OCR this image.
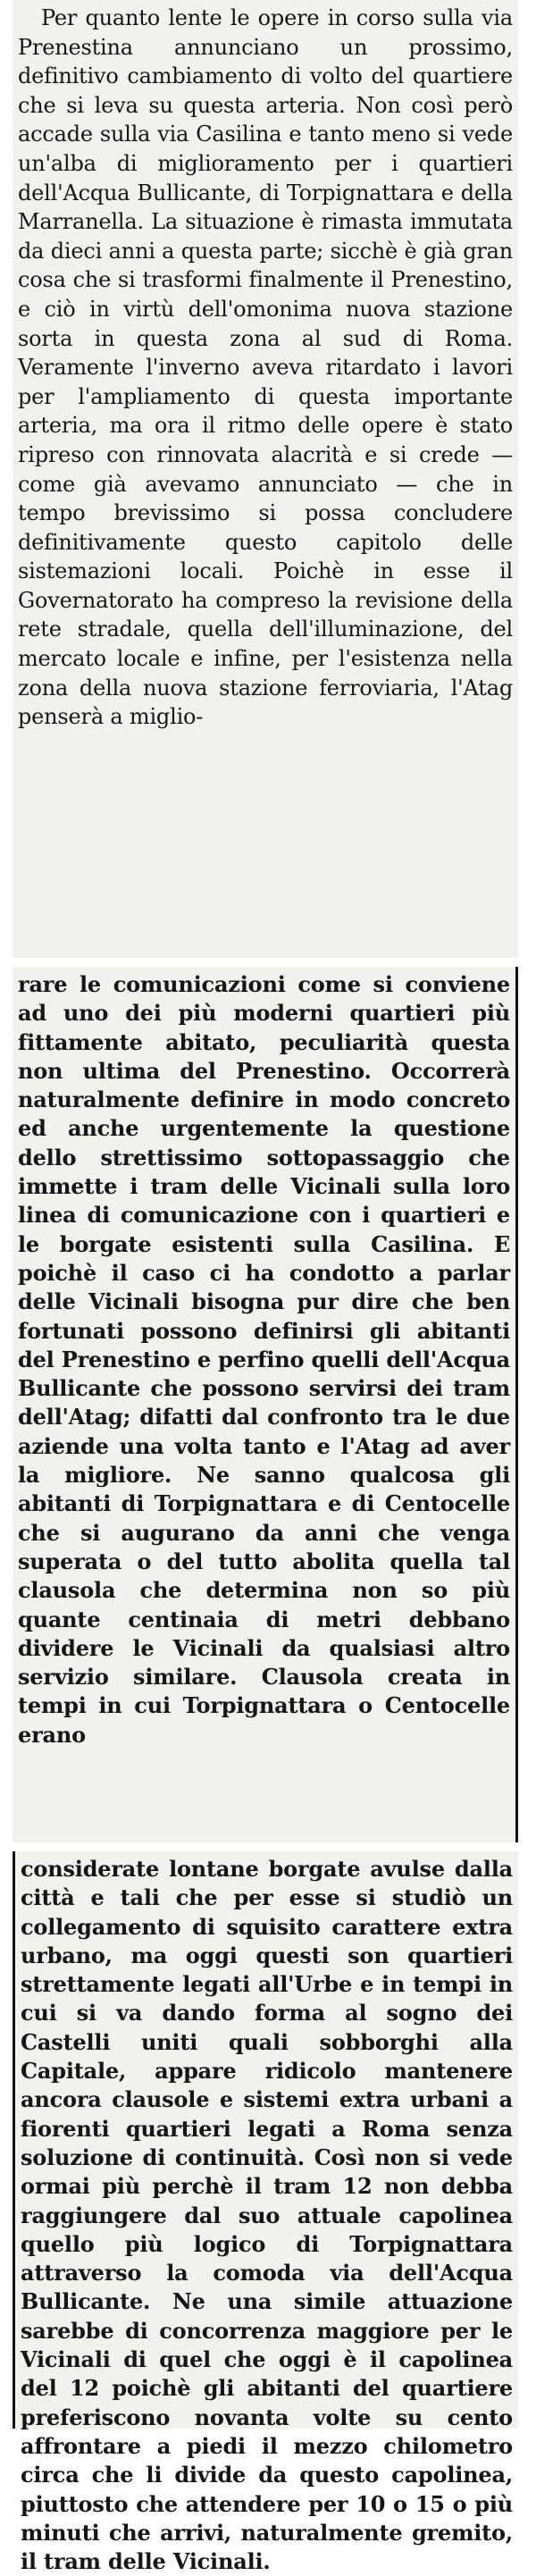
Per quanto lente le opere in corso sulla via Prenestina annunciano un prossimo, definitivo cambiamento di volto del quartiere che si leva su questa arteria. Non così però accade sulla via Casilina e tanto meno si vede un'alba di miglioramento per i quartieri dell'Acqua Bullicante, di Torpignattara e della Marranella. La situazione è rimasta immutata da dieci anni a questa parte; sicchè è già gran cosa che si trasformi finalmente il Prenestino, e ciò in virtù dell'omonima nuova stazione sorta in questa zona al sud di Roma. Veramente l'inverno aveva ritardato i lavori per l'ampliamento di questa importante arteria, ma ora il ritmo delle opere è stato ripreso con rinnovata alacrità e si crede — come già avevamo annunciato — che in tempo brevissimo si possa concludere definitivamente questo capitolo delle sistemazioni locali. Poichè in esse il Governatorato ha compreso la revisione della rete stradale, quella dell'illuminazione, del mercato locale e infine, per l'esistenza nella zona della nuova stazione ferroviaria, l'Atag penserà a miglio-

rare le comunicazioni come si conviene ad uno dei più moderni quartieri più fittamente abitato, peculiarità questa non ultima del Prenestino. Occorrerà naturalmente definire in modo concreto ed anche urgentemente la questione dello strettissimo sottopassaggio che immette i tram delle Vicinali sulla loro linea di comunicazione con i quartieri e le borgate esistenti sulla Casilina. E poichè il caso ci ha condotto a parlar delle Vicinali bisogna pur dire che ben fortunati possono definirsi gli abitanti del Prenestino e perfino quelli dell'Acqua Bullicante che possono servirsi dei tram dell'Atag; difatti dal confronto tra le due aziende una volta tanto e l'Atag ad aver la migliore. Ne sanno qualcosa gli abitanti di Torpignattara e di Centocelle che si augurano da anni che venga superata o del tutto abolita quella tal clausola che determina non so più quante centinaia di metri debbano dividere le Vicinali da qualsiasi altro servizio similare. Clausola creata in tempi in cui Torpignattara o Centocelle erano

considerate lontane borgate avulse dalla città e tali che per esse si studiò un collegamento di squisito carattere extra urbano, ma oggi questi son quartieri strettamente legati all'Urbe e in tempi in cui si va dando forma al sogno dei Castelli uniti quali sobborghi alla Capitale, appare ridicolo mantenere ancora clausole e sistemi extra urbani a fiorenti quartieri legati a Roma senza soluzione di continuità. Così non si vede ormai più perchè il tram 12 non debba raggiungere dal suo attuale capolinea quello più logico di Torpignattara attraverso la comoda via dell'Acqua Bullicante. Ne una simile attuazione sarebbe di concorrenza maggiore per le Vicinali di quel che oggi è il capolinea del 12 poichè gli abitanti del quartiere preferiscono novanta volte su cento affrontare a piedi il mezzo chilometro circa che li divide da questo capolinea, piuttosto che attendere per 10 o 15 o più minuti che arrivi, naturalmente gremito, il tram delle Vicinali.
